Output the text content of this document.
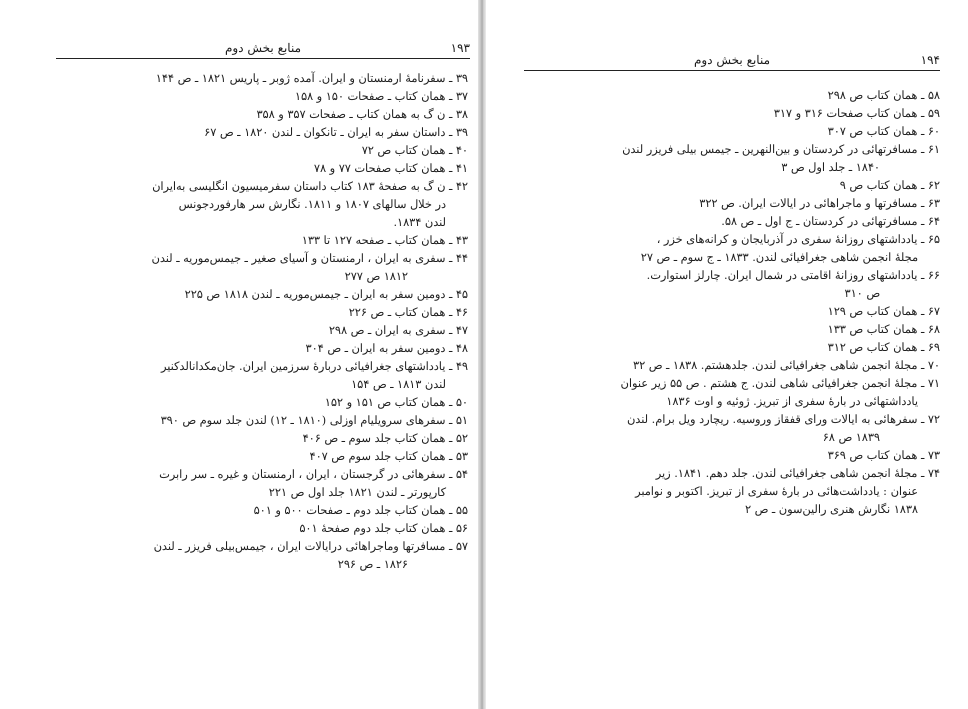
۱۹۳
منابع بخش دوم
۳۹ ـ سفرنامهٔ ارمنستان و ایران. آمده ژوبر ـ پاریس ۱۸۲۱ ـ ص ۱۴۴
۳۷ ـ همان کتاب ـ صفحات ۱۵۰ و ۱۵۸
۳۸ ـ ن گ به همان کتاب ـ صفحات ۳۵۷ و ۳۵۸
۳۹ ـ داستان سفر به ایران ـ تانکوان ـ لندن ۱۸۲۰ ـ ص ۶۷
۴۰ ـ همان کتاب ص ۷۲
۴۱ ـ همان کتاب صفحات ۷۷ و ۷۸
۴۲ ـ ن گ به صفحهٔ ۱۸۳ کتاب داستان سفرمیسیون انگلیسی به‌ایران
در خلال سالهای ۱۸۰۷ و ۱۸۱۱. نگارش سر هارفوردجونس
لندن ۱۸۳۴.
۴۳ ـ همان کتاب ـ صفحه ۱۲۷ تا ۱۳۳
۴۴ ـ سفری به ایران ، ارمنستان و آسیای صغیر ـ جیمس‌موریه ـ لندن
۱۸۱۲ ص ۲۷۷
۴۵ ـ دومین سفر به ایران ـ جیمس‌موریه ـ لندن ۱۸۱۸ ص ۲۲۵
۴۶ ـ همان کتاب ـ ص ۲۲۶
۴۷ ـ سفری به ایران ـ ص ۲۹۸
۴۸ ـ دومین سفر به ایران ـ ص ۳۰۴
۴۹ ـ یادداشتهای جغرافیائی دربارهٔ سرزمین ایران. جان‌مکدانالدکنیر
لندن ۱۸۱۳ ـ ص ۱۵۴
۵۰ ـ همان کتاب ص ۱۵۱ و ۱۵۲
۵۱ ـ سفرهای سرویلیام اوزلی (۱۸۱۰ ـ ۱۲) لندن جلد سوم ص ۳۹۰
۵۲ ـ همان کتاب جلد سوم ـ ص ۴۰۶
۵۳ ـ همان کتاب جلد سوم ص ۴۰۷
۵۴ ـ سفرهائی در گرجستان ، ایران ، ارمنستان و غیره ـ سر رابرت
کارپورتر ـ لندن ۱۸۲۱ جلد اول ص ۲۲۱
۵۵ ـ همان کتاب جلد دوم ـ صفحات ۵۰۰ و ۵۰۱
۵۶ ـ همان کتاب جلد دوم صفحهٔ ۵۰۱
۵۷ ـ مسافرتها وماجراهائی درایالات ایران ، جیمس‌بیلی فریزر ـ لندن
۱۸۲۶ ـ ص ۲۹۶
۱۹۴
منابع بخش دوم
۵۸ ـ همان کتاب ص ۲۹۸
۵۹ ـ همان کتاب صفحات ۳۱۶ و ۳۱۷
۶۰ ـ همان کتاب ص ۳۰۷
۶۱ ـ مسافرتهائی در کردستان و بین‌النهرین ـ جیمس بیلی فریزر لندن
۱۸۴۰ ـ جلد اول ص ۳
۶۲ ـ همان کتاب ص ۹
۶۳ ـ مسافرتها و ماجراهائی در ایالات ایران. ص ۳۲۲
۶۴ ـ مسافرتهائی در کردستان ـ ج اول ـ ص ۵۸.
۶۵ ـ یادداشتهای روزانهٔ سفری در آذربایجان و کرانه‌های خزر ،
مجلهٔ انجمن شاهی جغرافیائی لندن. ۱۸۳۳ ـ ج سوم ـ ص ۲۷
۶۶ ـ یادداشتهای روزانهٔ اقامتی در شمال ایران. چارلز استوارت.
ص ۳۱۰
۶۷ ـ همان کتاب ص ۱۲۹
۶۸ ـ همان کتاب ص ۱۳۳
۶۹ ـ همان کتاب ص ۳۱۲
۷۰ ـ مجلهٔ انجمن شاهی جغرافیائی لندن. جلدهشتم. ۱۸۳۸ ـ ص ۳۲
۷۱ ـ مجلهٔ انجمن جغرافیائی شاهی لندن. ج هشتم . ص ۵۵ زیر عنوان
یادداشتهائی در بارهٔ سفری از تبریز. ژوئیه و اوت ۱۸۳۶
۷۲ ـ سفرهائی به ایالات ورای قفقاز وروسیه. ریچارد ویل برام. لندن
۱۸۳۹ ص ۶۸
۷۳ ـ همان کتاب ص ۳۶۹
۷۴ ـ مجلهٔ انجمن شاهی جغرافیائی لندن. جلد دهم. ۱۸۴۱. زیر
عنوان : یادداشت‌هائی در بارهٔ سفری از تبریز. اکتوبر و نوامبر
۱۸۳۸ نگارش هنری رالین‌سون ـ ص ۲
